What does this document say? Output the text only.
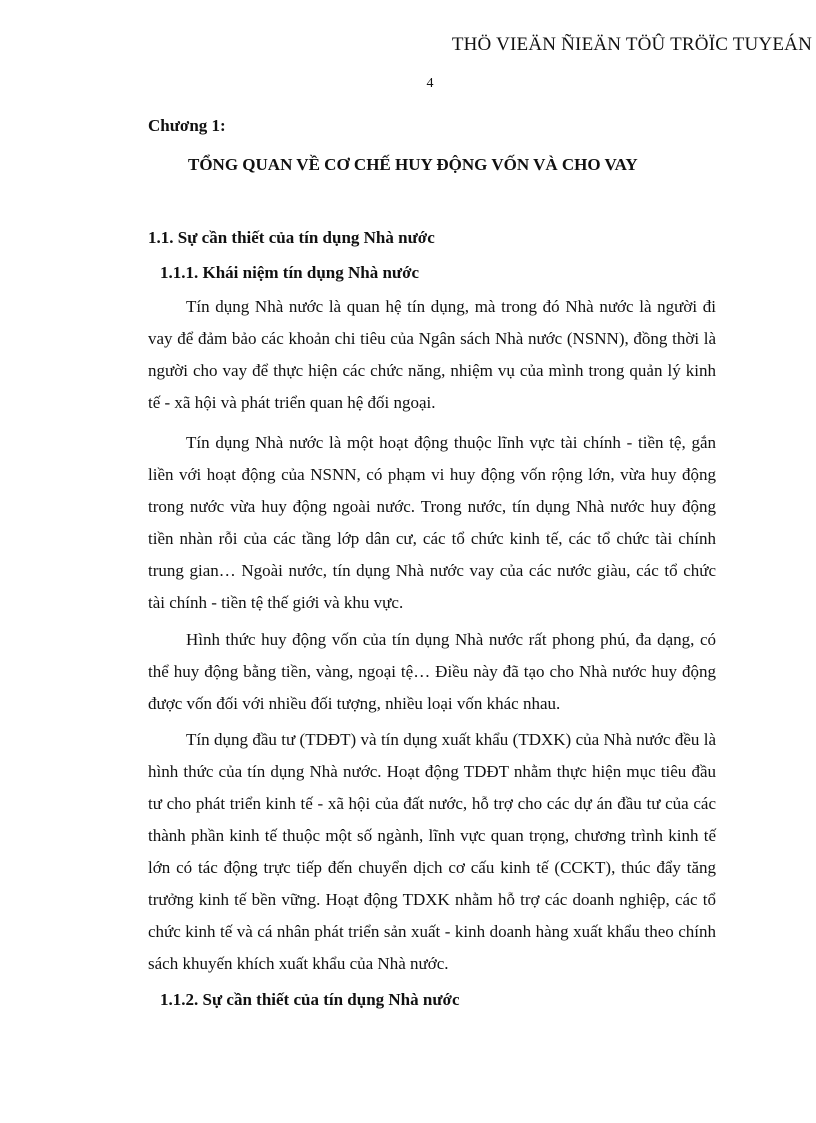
THÖ VIEÄN ÑIEÄN TÖÛ TRÖÏC TUYEÁN
4
Chương 1:
TỔNG QUAN VỀ CƠ CHẾ HUY ĐỘNG VỐN VÀ CHO VAY
1.1. Sự cần thiết của tín dụng Nhà nước
1.1.1. Khái niệm tín dụng Nhà nước

Tín dụng Nhà nước là quan hệ tín dụng, mà trong đó Nhà nước là người đi vay để đảm bảo các khoản chi tiêu của Ngân sách Nhà nước (NSNN), đồng thời là người cho vay để thực hiện các chức năng, nhiệm vụ của mình trong quản lý kinh tế - xã hội và phát triển quan hệ đối ngoại.

Tín dụng Nhà nước là một hoạt động thuộc lĩnh vực tài chính - tiền tệ, gắn liền với hoạt động của NSNN, có phạm vi huy động vốn rộng lớn, vừa huy động trong nước vừa huy động ngoài nước. Trong nước, tín dụng Nhà nước huy động tiền nhàn rỗi của các tầng lớp dân cư, các tổ chức kinh tế, các tổ chức tài chính trung gian… Ngoài nước, tín dụng Nhà nước vay của các nước giàu, các tổ chức tài chính - tiền tệ thế giới và khu vực.

Hình thức huy động vốn của tín dụng Nhà nước rất phong phú, đa dạng, có thể huy động bằng tiền, vàng, ngoại tệ… Điều này đã tạo cho Nhà nước huy động được vốn đối với nhiều đối tượng, nhiều loại vốn khác nhau.

Tín dụng đầu tư (TDĐT) và tín dụng xuất khẩu (TDXK) của Nhà nước đều là hình thức của tín dụng Nhà nước. Hoạt động TDĐT nhằm thực hiện mục tiêu đầu tư cho phát triển kinh tế - xã hội của đất nước, hỗ trợ cho các dự án đầu tư của các thành phần kinh tế thuộc một số ngành, lĩnh vực quan trọng, chương trình kinh tế lớn có tác động trực tiếp đến chuyển dịch cơ cấu kinh tế (CCKT), thúc đẩy tăng trưởng kinh tế bền vững. Hoạt động TDXK nhằm hỗ trợ các doanh nghiệp, các tổ chức kinh tế và cá nhân phát triển sản xuất - kinh doanh hàng xuất khẩu theo chính sách khuyến khích xuất khẩu của Nhà nước.

1.1.2. Sự cần thiết của tín dụng Nhà nước
